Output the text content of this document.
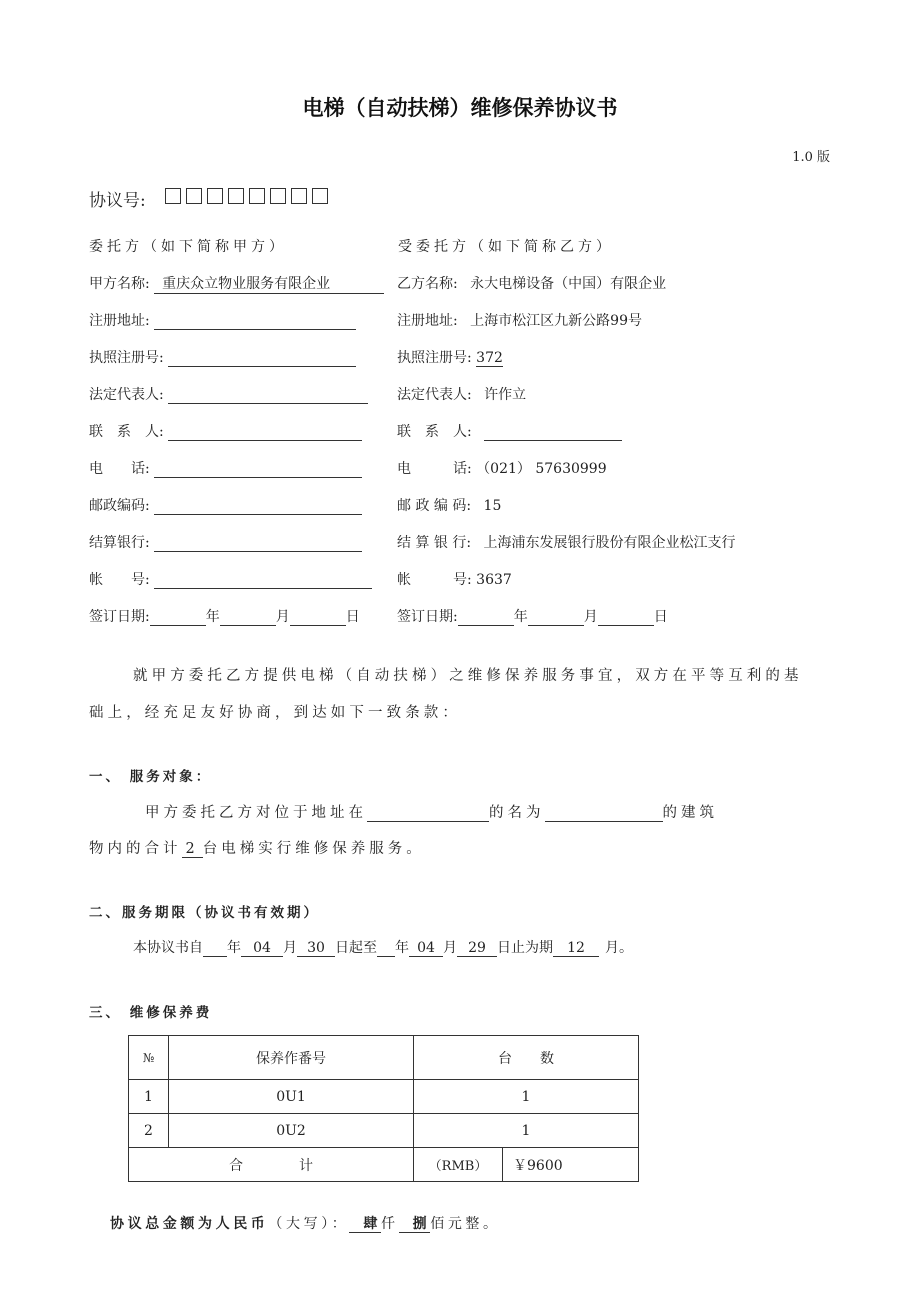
电梯（自动扶梯）维修保养协议书
1.0 版
协议号:
委托方（如下简称甲方）	受委托方（如下简称乙方）
甲方名称: 重庆众立物业服务有限企业	乙方名称: 永大电梯设备（中国）有限企业
注册地址:	注册地址: 上海市松江区九新公路99号
执照注册号:	执照注册号: 372
法定代表人:	法定代表人: 许作立
联　系　人:	联　系　人:
电　　话:	电　　　话: （021） 57630999
邮政编码:	邮 政 编 码: 15
结算银行:	结 算 银 行: 上海浦东发展银行股份有限企业松江支行
帐　　号:	帐　　　号: 3637
签订日期:	年	月	日	签订日期:	年	月	日
就甲方委托乙方提供电梯（自动扶梯）之维修保养服务事宜，双方在平等互利的基
础上，经充足友好协商，到达如下一致条款：
一、 服务对象：
甲方委托乙方对位于地址在	的名为	的建筑
物内的合计 2 台电梯实行维修保养服务。
二、服务期限（协议书有效期）
本协议书自 年 04 月 30 日起至 年 04 月 29 日止为期 12 月。
三、 维修保养费
№	保养作番号	台　　数	
1	0U1	1	
2	0U2	1	
合　　　　计		（RMB）	￥9600
协议总金额为人民币（大写）： 肆仟 捌佰元整。
